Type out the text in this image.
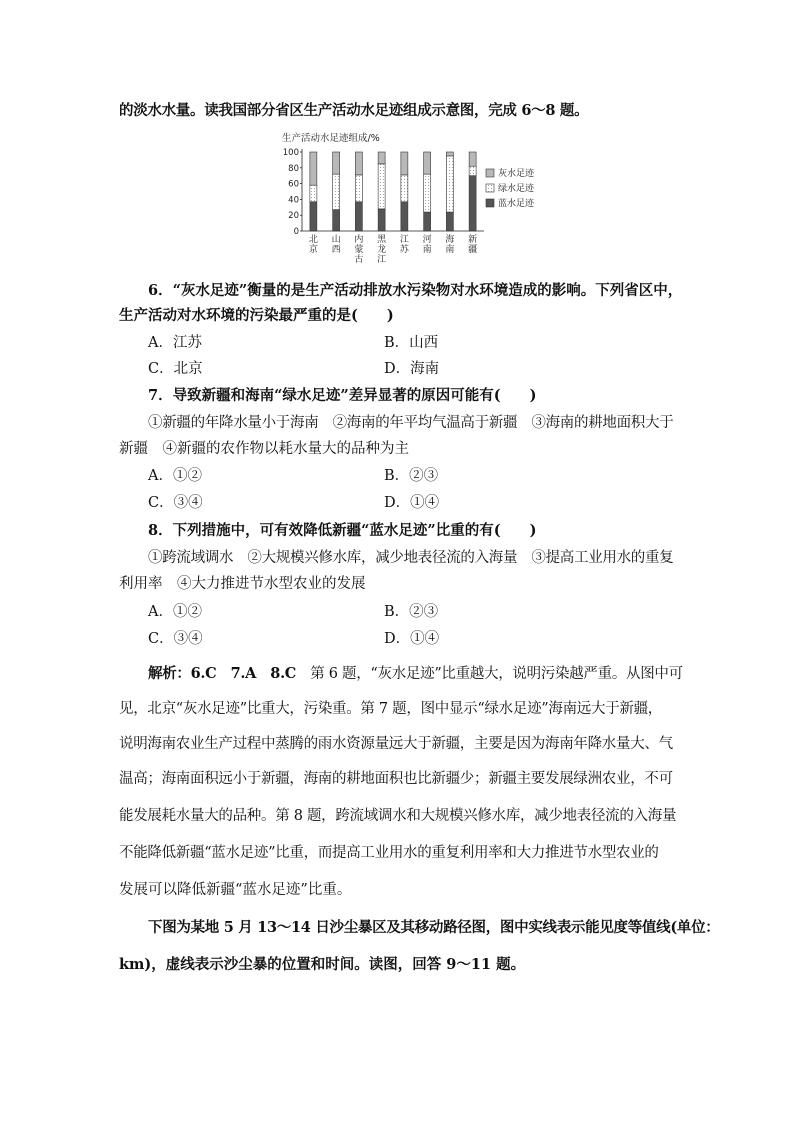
的淡水水量。读我国部分省区生产活动水足迹组成示意图，完成 6～8 题。
生产活动水足迹组成/%
0
20
40
60
80
100
北
京
山
西
内
蒙
古
黑
龙
江
江
苏
河
南
海
南
新
疆
灰水足迹
绿水足迹
蓝水足迹
6．“灰水足迹”衡量的是生产活动排放水污染物对水环境造成的影响。下列省区中，
生产活动对水环境的污染最严重的是(　　)
A．江苏	B．山西
C．北京	D．海南
7．导致新疆和海南“绿水足迹”差异显著的原因可能有(　　)
①新疆的年降水量小于海南　②海南的年平均气温高于新疆　③海南的耕地面积大于
新疆　④新疆的农作物以耗水量大的品种为主
A．①②	B．②③
C．③④	D．①④
8．下列措施中，可有效降低新疆“蓝水足迹”比重的有(　　)
①跨流域调水　②大规模兴修水库，减少地表径流的入海量　③提高工业用水的重复
利用率　④大力推进节水型农业的发展
A．①②	B．②③
C．③④	D．①④
解析：6.C　7.A　8.C　第 6 题，“灰水足迹”比重越大，说明污染越严重。从图中可
见，北京“灰水足迹”比重大，污染重。第 7 题，图中显示“绿水足迹”海南远大于新疆，
说明海南农业生产过程中蒸腾的雨水资源量远大于新疆，主要是因为海南年降水量大、气
温高；海南面积远小于新疆，海南的耕地面积也比新疆少；新疆主要发展绿洲农业，不可
能发展耗水量大的品种。第 8 题，跨流域调水和大规模兴修水库，减少地表径流的入海量
不能降低新疆“蓝水足迹”比重，而提高工业用水的重复利用率和大力推进节水型农业的
发展可以降低新疆“蓝水足迹”比重。
下图为某地 5 月 13～14 日沙尘暴区及其移动路径图，图中实线表示能见度等值线(单位：
km)，虚线表示沙尘暴的位置和时间。读图，回答 9～11 题。
